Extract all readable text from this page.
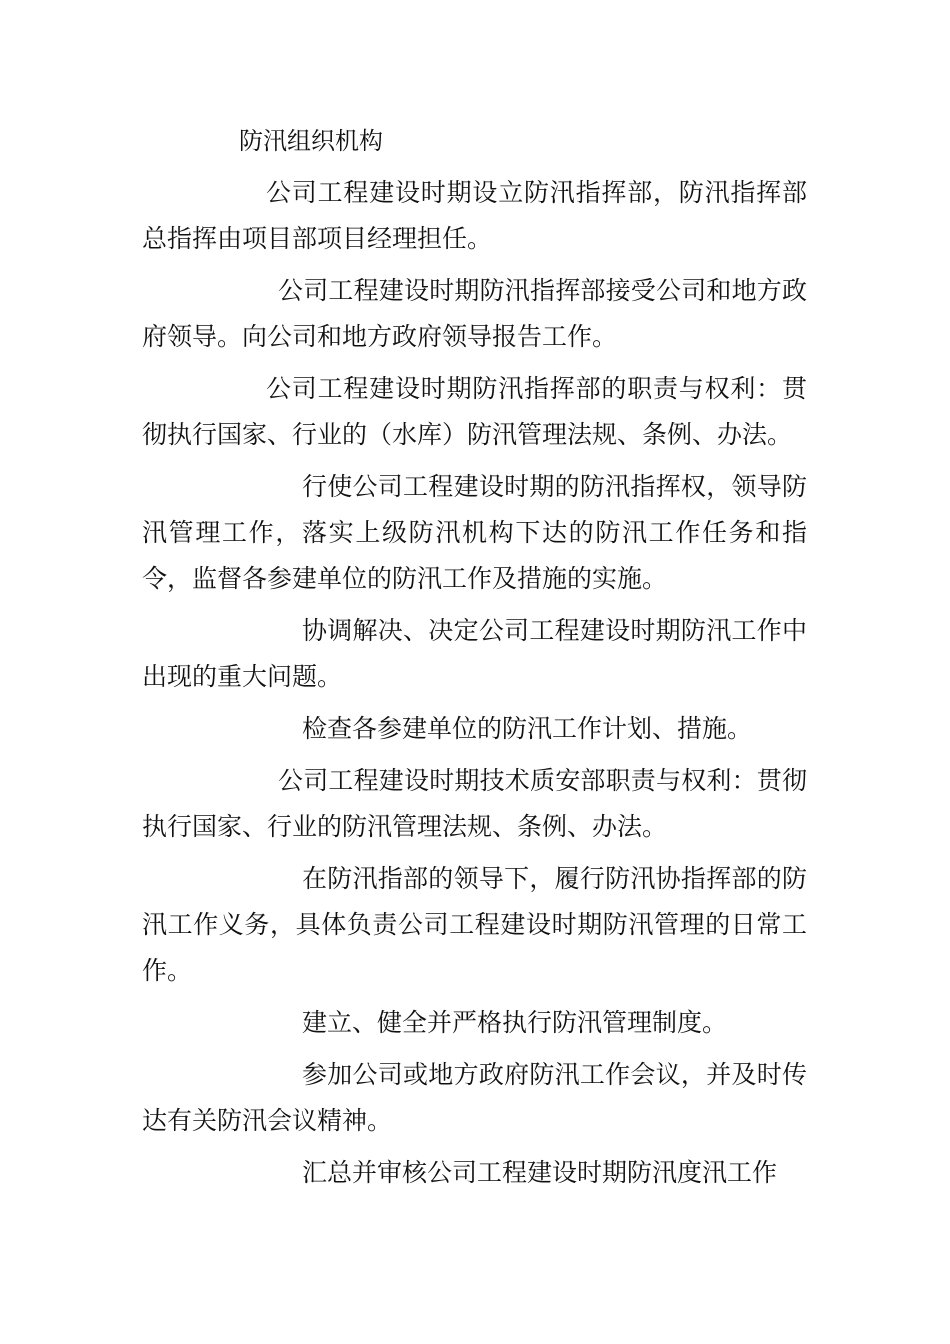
防汛组织机构

公司工程建设时期设立防汛指挥部，防汛指挥部总指挥由项目部项目经理担任。

公司工程建设时期防汛指挥部接受公司和地方政府领导。向公司和地方政府领导报告工作。

公司工程建设时期防汛指挥部的职责与权利：贯彻执行国家、行业的（水库）防汛管理法规、条例、办法。

行使公司工程建设时期的防汛指挥权，领导防汛管理工作，落实上级防汛机构下达的防汛工作任务和指令，监督各参建单位的防汛工作及措施的实施。

协调解决、决定公司工程建设时期防汛工作中出现的重大问题。

检查各参建单位的防汛工作计划、措施。

公司工程建设时期技术质安部职责与权利：贯彻执行国家、行业的防汛管理法规、条例、办法。

在防汛指部的领导下，履行防汛协指挥部的防汛工作义务，具体负责公司工程建设时期防汛管理的日常工作。

建立、健全并严格执行防汛管理制度。

参加公司或地方政府防汛工作会议，并及时传达有关防汛会议精神。

汇总并审核公司工程建设时期防汛度汛工作
